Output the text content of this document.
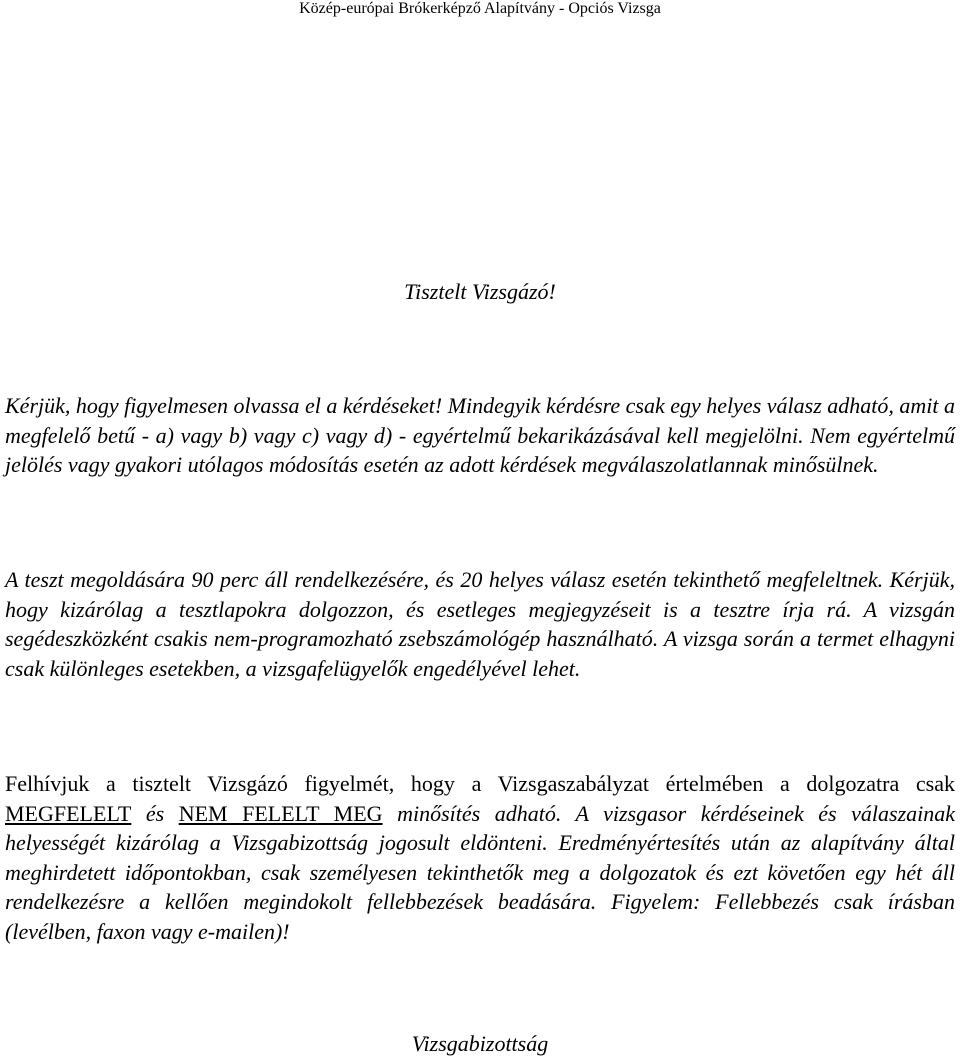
Közép-európai Brókerképző Alapítvány - Opciós Vizsga
Tisztelt Vizsgázó!

Kérjük, hogy figyelmesen olvassa el a kérdéseket! Mindegyik kérdésre csak egy helyes válasz adható, amit a megfelelő betű - a) vagy b) vagy c) vagy d) - egyértelmű bekarikázásával kell megjelölni. Nem egyértelmű jelölés vagy gyakori utólagos módosítás esetén az adott kérdések megválaszolatlannak minősülnek.

A teszt megoldására 90 perc áll rendelkezésére, és 20 helyes válasz esetén tekinthető megfeleltnek. Kérjük, hogy kizárólag a tesztlapokra dolgozzon, és esetleges megjegyzéseit is a tesztre írja rá. A vizsgán segédeszközként csakis nem-programozható zsebszámológép használható. A vizsga során a termet elhagyni csak különleges esetekben, a vizsgafelügyelők engedélyével lehet.

Felhívjuk a tisztelt Vizsgázó figyelmét, hogy a Vizsgaszabályzat értelmében a dolgozatra csak MEGFELELT és NEM FELELT MEG minősítés adható. A vizsgasor kérdéseinek és válaszainak helyességét kizárólag a Vizsgabizottság jogosult eldönteni. Eredményértesítés után az alapítvány által meghirdetett időpontokban, csak személyesen tekinthetők meg a dolgozatok és ezt követően egy hét áll rendelkezésre a kellően megindokolt fellebbezések beadására. Figyelem: Fellebbezés csak írásban (levélben, faxon vagy e-mailen)!

Vizsgabizottság
